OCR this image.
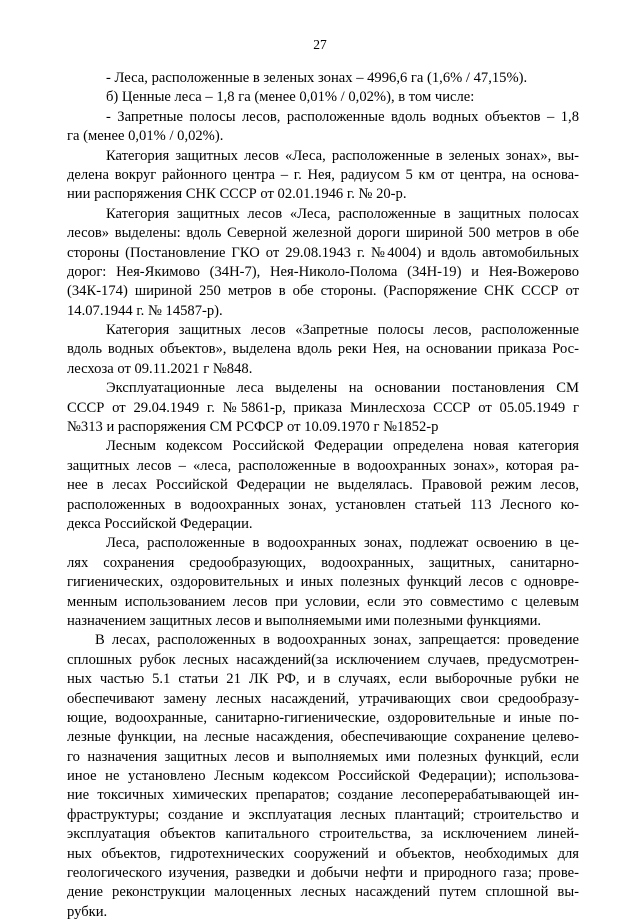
27
- Леса, расположенные в зеленых зонах – 4996,6 га (1,6% / 47,15%).
б) Ценные леса – 1,8 га (менее 0,01% / 0,02%), в том числе:
- Запретные полосы лесов, расположенные вдоль водных объектов – 1,8
га (менее 0,01% / 0,02%).
Категория защитных лесов «Леса, расположенные в зеленых зонах», вы-
делена вокруг районного центра – г. Нея, радиусом 5 км от центра, на основа-
нии распоряжения СНК СССР от 02.01.1946 г. № 20-р.
Категория защитных лесов «Леса, расположенные в защитных полосах
лесов» выделены: вдоль Северной железной дороги шириной 500 метров в обе
стороны (Постановление ГКО от 29.08.1943 г. №4004) и вдоль автомобильных
дорог: Нея-Якимово (34Н-7), Нея-Николо-Полома (34Н-19) и Нея-Вожерово
(34К-174) шириной 250 метров в обе стороны. (Распоряжение СНК СССР от
14.07.1944 г. № 14587-р).
Категория защитных лесов «Запретные полосы лесов, расположенные
вдоль водных объектов», выделена вдоль реки Нея, на основании приказа Рос-
лесхоза от 09.11.2021 г №848.
Эксплуатационные леса выделены на основании постановления СМ
СССР от 29.04.1949 г. №5861-р, приказа Минлесхоза СССР от 05.05.1949 г
№313 и распоряжения СМ РСФСР от 10.09.1970 г №1852-р
Лесным кодексом Российской Федерации определена новая категория
защитных лесов – «леса, расположенные в водоохранных зонах», которая ра-
нее в лесах Российской Федерации не выделялась. Правовой режим лесов,
расположенных в водоохранных зонах, установлен статьей 113 Лесного ко-
декса Российской Федерации.
Леса, расположенные в водоохранных зонах, подлежат освоению в це-
лях сохранения средообразующих, водоохранных, защитных, санитарно-
гигиенических, оздоровительных и иных полезных функций лесов с одновре-
менным использованием лесов при условии, если это совместимо с целевым
назначением защитных лесов и выполняемыми ими полезными функциями.
В лесах, расположенных в водоохранных зонах, запрещается: проведение
сплошных рубок лесных насаждений(за исключением случаев, предусмотрен-
ных частью 5.1 статьи 21 ЛК РФ, и в случаях, если выборочные рубки не
обеспечивают замену лесных насаждений, утрачивающих свои средообразу-
ющие, водоохранные, санитарно-гигиенические, оздоровительные и иные по-
лезные функции, на лесные насаждения, обеспечивающие сохранение целево-
го назначения защитных лесов и выполняемых ими полезных функций, если
иное не установлено Лесным кодексом Российской Федерации); использова-
ние токсичных химических препаратов; создание лесоперерабатывающей ин-
фраструктуры; создание и эксплуатация лесных плантаций; строительство и
эксплуатация объектов капитального строительства, за исключением линей-
ных объектов, гидротехнических сооружений и объектов, необходимых для
геологического изучения, разведки и добычи нефти и природного газа; прове-
дение реконструкции малоценных лесных насаждений путем сплошной вы-
рубки.
